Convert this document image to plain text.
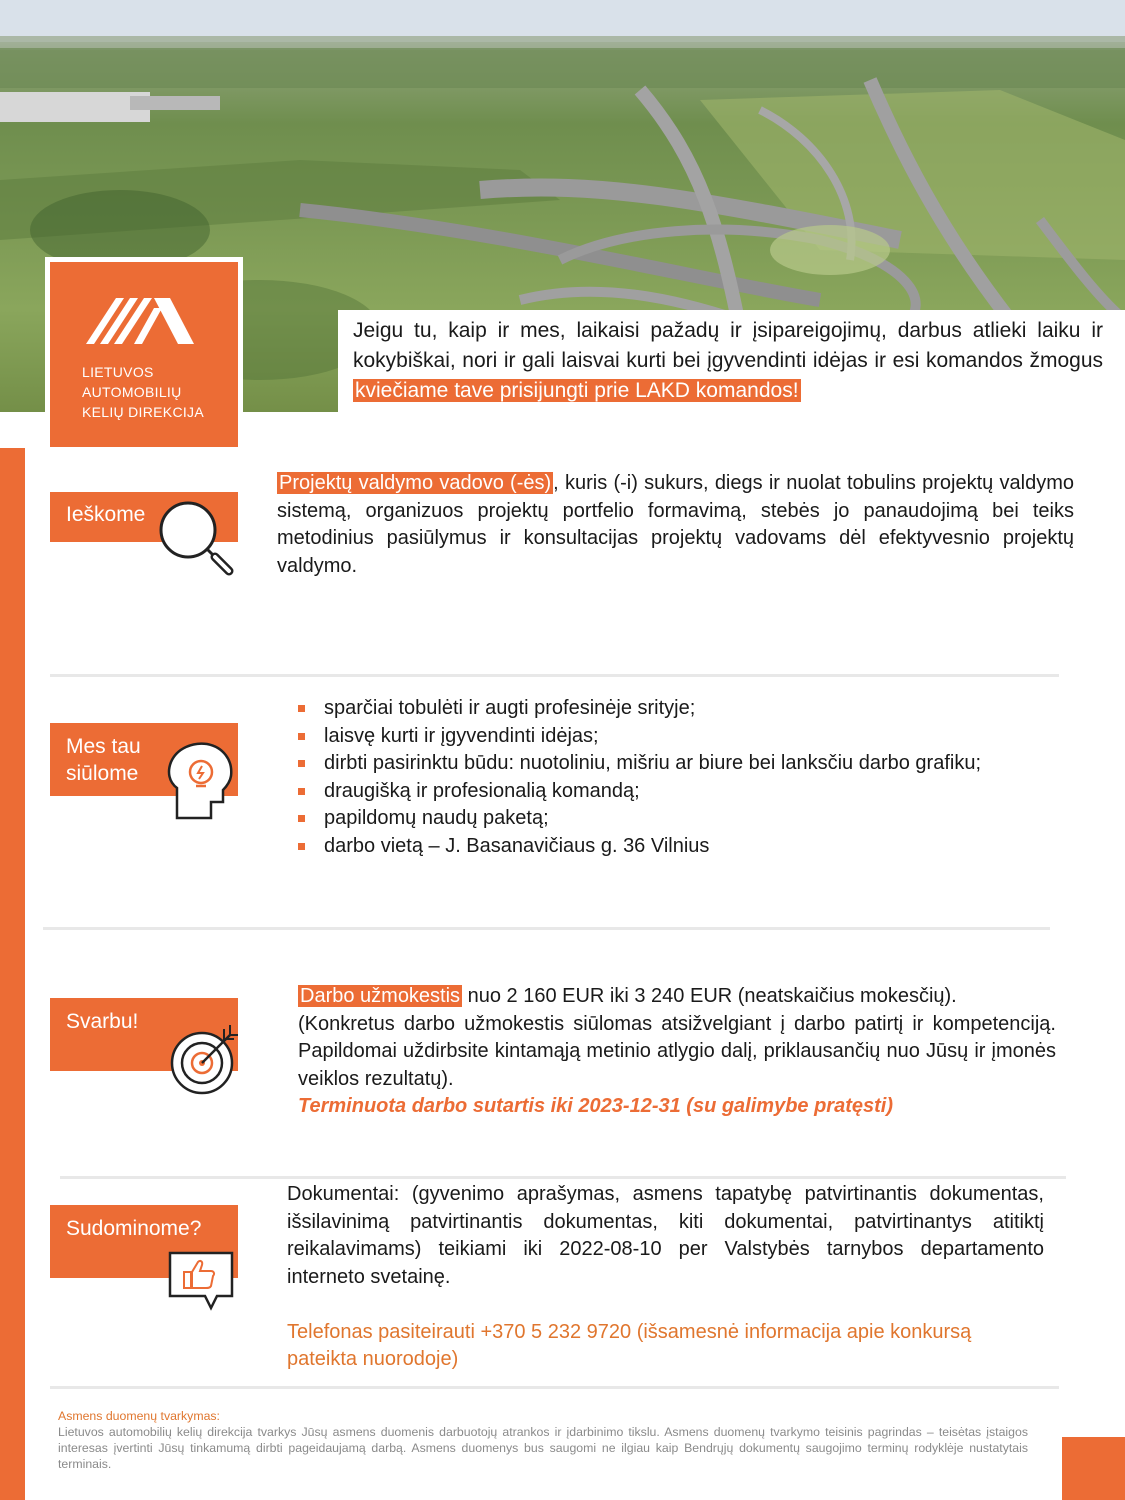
LIETUVOS
AUTOMOBILIŲ
KELIŲ DIREKCIJA
Jeigu tu, kaip ir mes, laikaisi pažadų ir įsipareigojimų, darbus atlieki laiku ir kokybiškai, nori ir gali laisvai kurti bei įgyvendinti idėjas ir esi komandos žmogus kviečiame tave prisijungti prie LAKD komandos!
Ieškome
Projektų valdymo vadovo (-ės) , kuris (-i) sukurs, diegs ir nuolat tobulins projektų valdymo sistemą, organizuos projektų portfelio formavimą, stebės jo panaudojimą bei teiks metodinius pasiūlymus ir konsultacijas projektų vadovams dėl efektyvesnio projektų valdymo.
Mes tau
siūlome
sparčiai tobulėti ir augti profesinėje srityje;
laisvę kurti ir įgyvendinti idėjas;
dirbti pasirinktu būdu: nuotoliniu, mišriu ar biure bei lanksčiu darbo grafiku;
draugišką ir profesionalią komandą;
papildomų naudų paketą;
darbo vietą – J. Basanavičiaus g. 36 Vilnius
Svarbu!
Darbo užmokestis nuo 2 160 EUR iki 3 240 EUR (neatskaičius mokesčių).
(Konkretus darbo užmokestis siūlomas atsižvelgiant į darbo patirtį ir kompetenciją. Papildomai uždirbsite kintamąją metinio atlygio dalį, priklausančių nuo Jūsų ir įmonės veiklos rezultatų).
Terminuota darbo sutartis iki 2023-12-31 (su galimybe pratęsti)
Sudominome?
Dokumentai: (gyvenimo aprašymas, asmens tapatybę patvirtinantis dokumentas, išsilavinimą patvirtinantis dokumentas, kiti dokumentai, patvirtinantys atitiktį reikalavimams) teikiami iki 2022-08-10 per Valstybės tarnybos departamento interneto svetainę.
Telefonas pasiteirauti +370 5 232 9720 (išsamesnė informacija apie konkursą pateikta nuorodoje)
Asmens duomenų tvarkymas:
Lietuvos automobilių kelių direkcija tvarkys Jūsų asmens duomenis darbuotojų atrankos ir įdarbinimo tikslu. Asmens duomenų tvarkymo teisinis pagrindas – teisėtas įstaigos interesas įvertinti Jūsų tinkamumą dirbti pageidaujamą darbą. Asmens duomenys bus saugomi ne ilgiau kaip Bendrųjų dokumentų saugojimo terminų rodyklėje nustatytais terminais.
